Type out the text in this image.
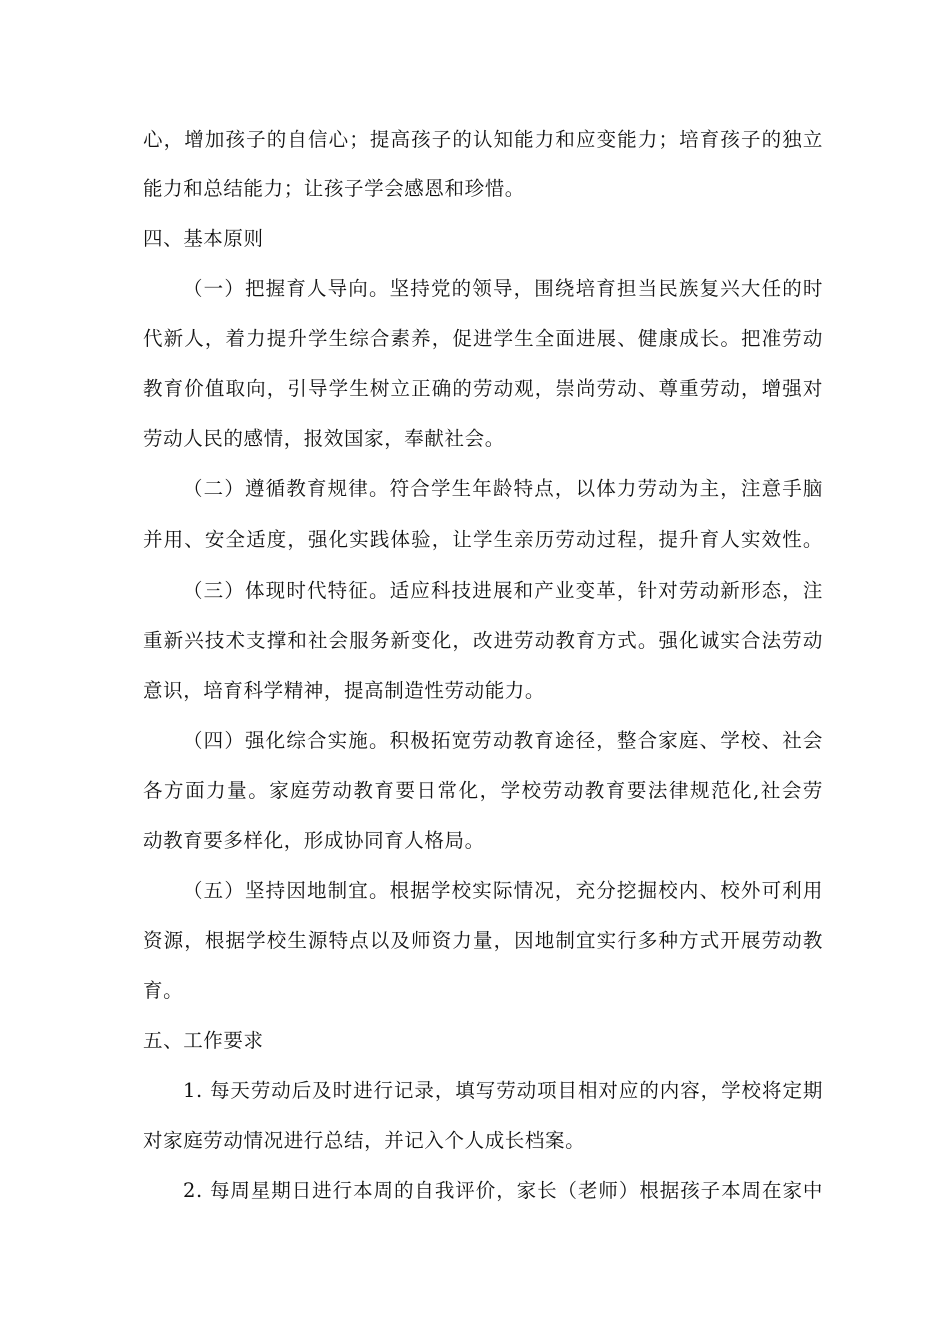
心，增加孩子的自信心；提高孩子的认知能力和应变能力；培育孩子的独立
能力和总结能力；让孩子学会感恩和珍惜。
四、基本原则
（一）把握育人导向。坚持党的领导，围绕培育担当民族复兴大任的时
代新人，着力提升学生综合素养，促进学生全面进展、健康成长。把准劳动
教育价值取向，引导学生树立正确的劳动观，崇尚劳动、尊重劳动，增强对
劳动人民的感情，报效国家，奉献社会。
（二）遵循教育规律。符合学生年龄特点，以体力劳动为主，注意手脑
并用、安全适度，强化实践体验，让学生亲历劳动过程，提升育人实效性。
（三）体现时代特征。适应科技进展和产业变革，针对劳动新形态，注
重新兴技术支撑和社会服务新变化，改进劳动教育方式。强化诚实合法劳动
意识，培育科学精神，提高制造性劳动能力。
（四）强化综合实施。积极拓宽劳动教育途径，整合家庭、学校、社会
各方面力量。家庭劳动教育要日常化，学校劳动教育要法律规范化,社会劳
动教育要多样化，形成协同育人格局。
（五）坚持因地制宜。根据学校实际情况，充分挖掘校内、校外可利用
资源，根据学校生源特点以及师资力量，因地制宜实行多种方式开展劳动教
育。
五、工作要求
1. 每天劳动后及时进行记录，填写劳动项目相对应的内容，学校将定期
对家庭劳动情况进行总结，并记入个人成长档案。
2. 每周星期日进行本周的自我评价，家长（老师）根据孩子本周在家中
